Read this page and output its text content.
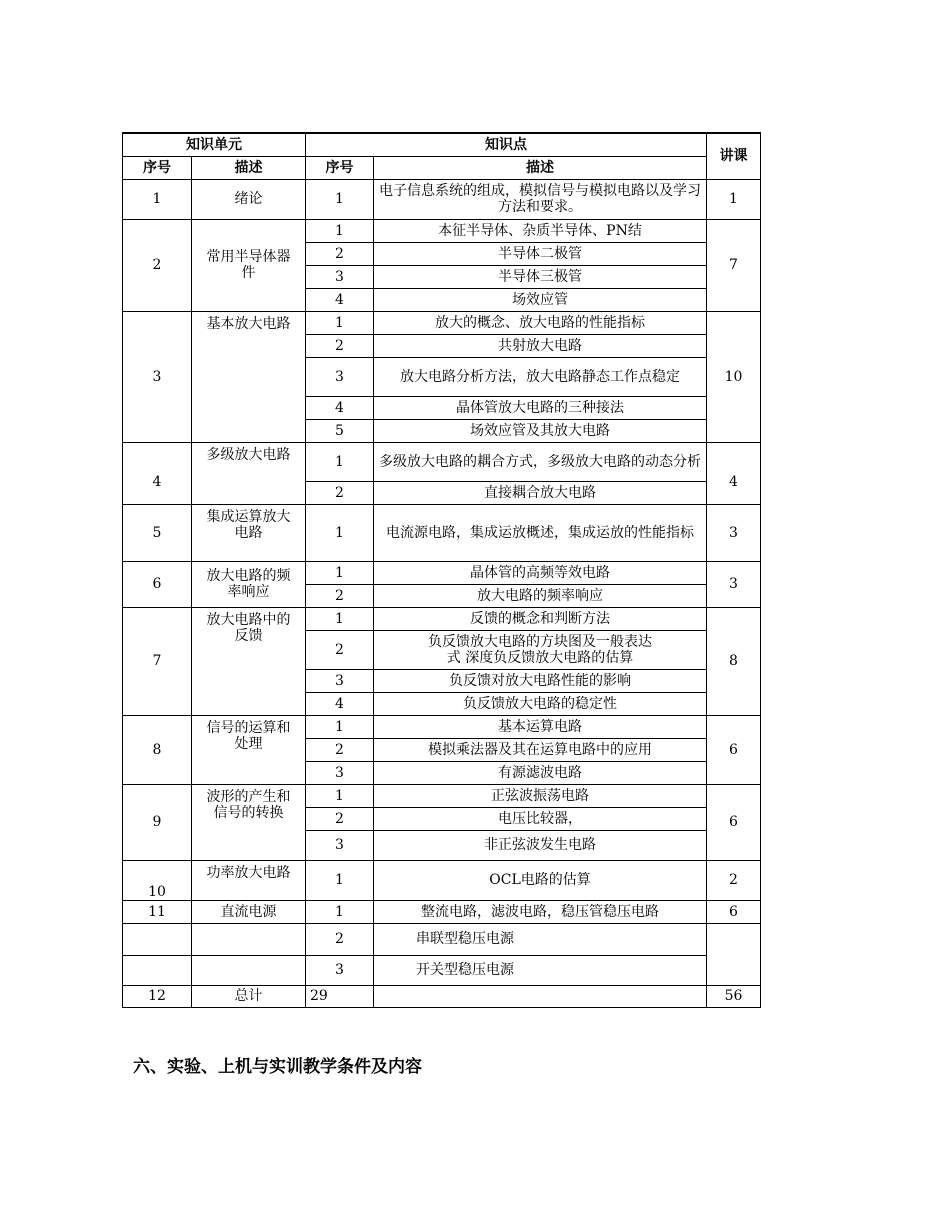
知识单元		知识点		讲课
序号	描述	序号	描述	
1	绪论	1	电子信息系统的组成，模拟信号与模拟电路以及学习方法和要求。	1
2	常用半导体器件	1	本征半导体、杂质半导体、PN结	7
		2	半导体二极管	
		3	半导体三极管	
		4	场效应管	
3	基本放大电路	1	放大的概念、放大电路的性能指标	10
		2	共射放大电路	
		3	放大电路分析方法，放大电路静态工作点稳定	
		4	晶体管放大电路的三种接法	
		5	场效应管及其放大电路	
4	多级放大电路	1	多级放大电路的耦合方式，多级放大电路的动态分析	4
		2	直接耦合放大电路	
5	集成运算放大电路	1	电流源电路，集成运放概述，集成运放的性能指标	3
6	放大电路的频率响应	1	晶体管的高频等效电路	3
		2	放大电路的频率响应	
7	放大电路中的反馈	1	反馈的概念和判断方法	8
		2	负反馈放大电路的方块图及一般表达式 深度负反馈放大电路的估算	
		3	负反馈对放大电路性能的影响	
		4	负反馈放大电路的稳定性	
8	信号的运算和处理	1	基本运算电路	6
		2	模拟乘法器及其在运算电路中的应用	
		3	有源滤波电路	
9	波形的产生和信号的转换	1	正弦波振荡电路	6
		2	电压比较器，	
		3	非正弦波发生电路	
10	功率放大电路	1	OCL电路的估算	2
11	直流电源	1	整流电路，滤波电路，稳压管稳压电路	6
		2	串联型稳压电源	
		3	开关型稳压电源	
12	总计	29		56
六、实验、上机与实训教学条件及内容
